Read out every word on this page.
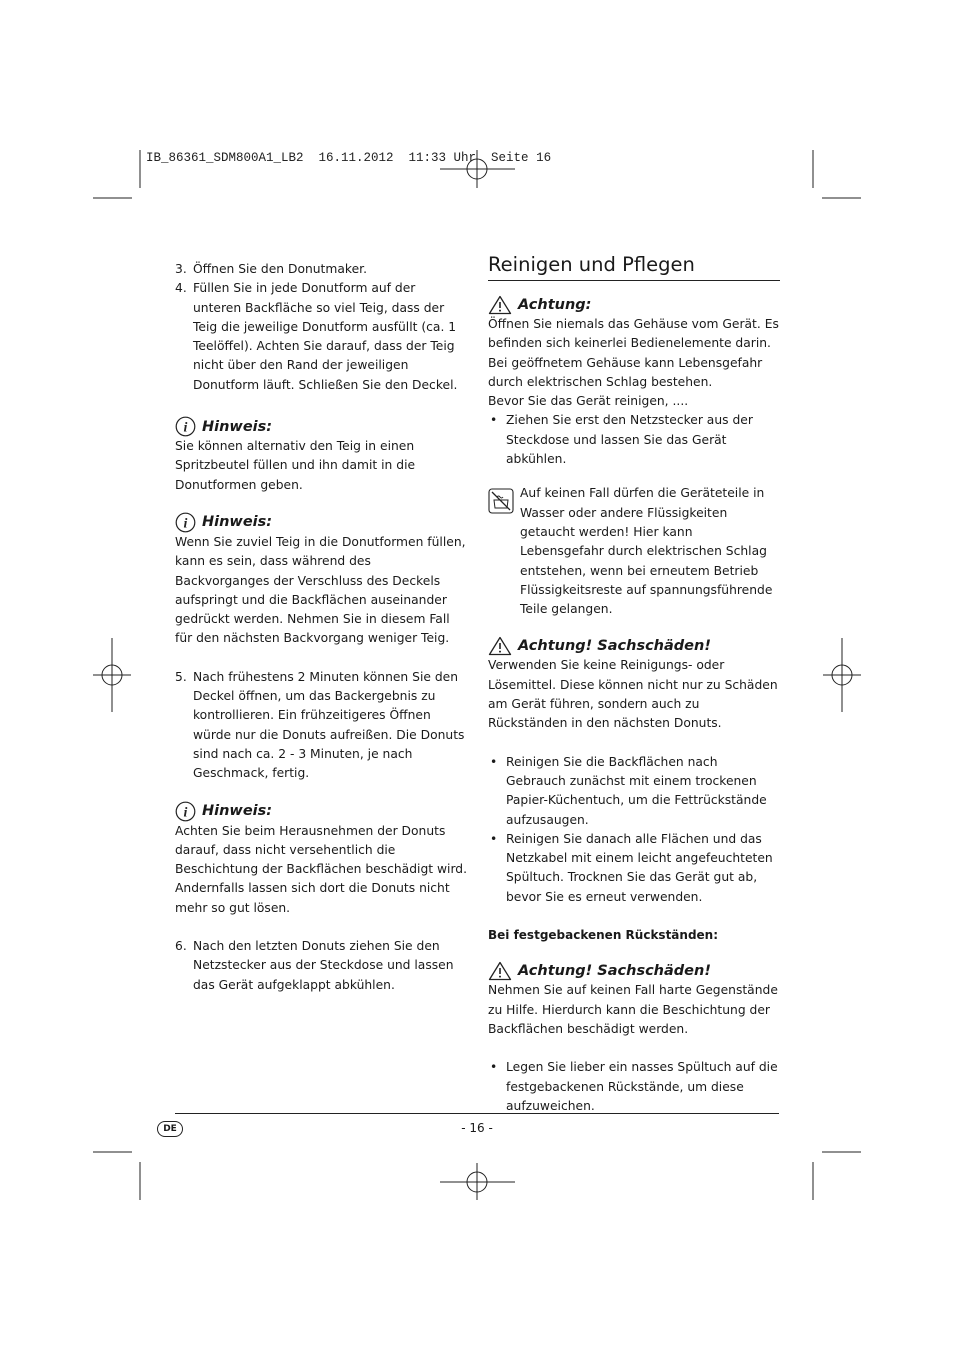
IB_86361_SDM800A1_LB2  16.11.2012  11:33 Uhr  Seite 16
3. Öffnen Sie den Donutmaker.
4. Füllen Sie in jede Donutform auf der unteren Backfläche so viel Teig, dass der Teig die jeweilige Donutform ausfüllt (ca. 1 Teelöffel). Achten Sie darauf, dass der Teig nicht über den Rand der jeweiligen Donutform läuft. Schließen Sie den Deckel.
i Hinweis:

Sie können alternativ den Teig in einen Spritzbeutel füllen und ihn damit in die Donutformen geben.

i Hinweis:

Wenn Sie zuviel Teig in die Donutformen füllen, kann es sein, dass während des Backvorganges der Verschluss des Deckels aufspringt und die Backflächen auseinander gedrückt werden. Nehmen Sie in diesem Fall für den nächsten Backvorgang weniger Teig.

5. Nach frühestens 2 Minuten können Sie den Deckel öffnen, um das Backergebnis zu kontrollieren. Ein frühzeitigeres Öffnen würde nur die Donuts aufreißen. Die Donuts sind nach ca. 2 - 3 Minuten, je nach Geschmack, fertig.
i Hinweis:

Achten Sie beim Herausnehmen der Donuts darauf, dass nicht versehentlich die Beschichtung der Backflächen beschädigt wird. Andernfalls lassen sich dort die Donuts nicht mehr so gut lösen.

6. Nach den letzten Donuts ziehen Sie den Netzstecker aus der Steckdose und lassen das Gerät aufgeklappt abkühlen.
Reinigen und Pflegen
Achtung:

Öffnen Sie niemals das Gehäuse vom Gerät. Es befinden sich keinerlei Bedienelemente darin. Bei geöffnetem Gehäuse kann Lebensgefahr durch elektrischen Schlag bestehen.

Bevor Sie das Gerät reinigen, ....

• Ziehen Sie erst den Netzstecker aus der Steckdose und lassen Sie das Gerät abkühlen.

Auf keinen Fall dürfen die Geräteteile in Wasser oder andere Flüssigkeiten getaucht werden! Hier kann Lebensgefahr durch elektrischen Schlag entstehen, wenn bei erneutem Betrieb Flüssigkeitsreste auf spannungsführende Teile gelangen.

Achtung! Sachschäden!

Verwenden Sie keine Reinigungs- oder Lösemittel. Diese können nicht nur zu Schäden am Gerät führen, sondern auch zu Rückständen in den nächsten Donuts.

• Reinigen Sie die Backflächen nach Gebrauch zunächst mit einem trockenen Papier-Küchentuch, um die Fettrückstände aufzusaugen.
• Reinigen Sie danach alle Flächen und das Netzkabel mit einem leicht angefeuchteten Spültuch. Trocknen Sie das Gerät gut ab, bevor Sie es erneut verwenden.

Bei festgebackenen Rückständen:

Achtung! Sachschäden!

Nehmen Sie auf keinen Fall harte Gegenstände zu Hilfe. Hierdurch kann die Beschichtung der Backflächen beschädigt werden.

• Legen Sie lieber ein nasses Spültuch auf die festgebackenen Rückstände, um diese aufzuweichen.
DE	- 16 -
